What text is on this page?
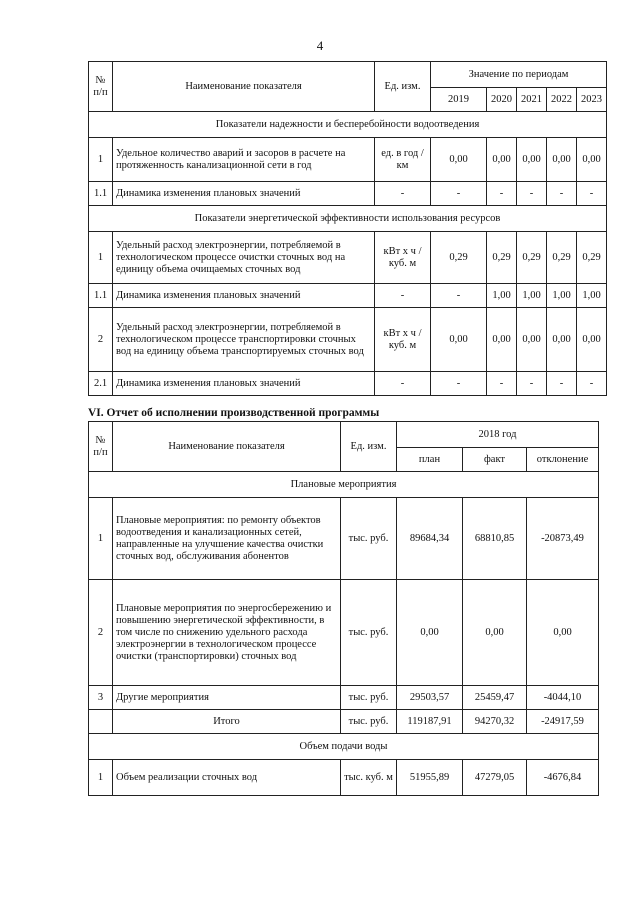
4
№ п/п	Наименование показателя	Ед. изм.	Значение по периодам				
			2019	2020	2021	2022	2023
Показатели надежности и бесперебойности водоотведения							
1	Удельное количество аварий и засоров в расчете на протяженность канализационной сети в год	ед. в год /км	0,00	0,00	0,00	0,00	0,00
1.1	Динамика изменения плановых значений	-	-	-	-	-	-
Показатели энергетической эффективности использования ресурсов							
1	Удельный расход электроэнергии, потребляемой в технологическом процессе очистки сточных вод на единицу объема очищаемых сточных вод	кВт х ч /куб. м	0,29	0,29	0,29	0,29	0,29
1.1	Динамика изменения плановых значений	-	-	1,00	1,00	1,00	1,00
2	Удельный расход электроэнергии, потребляемой в технологическом процессе транспортировки сточных вод на единицу объема транспортируемых сточных вод	кВт х ч /куб. м	0,00	0,00	0,00	0,00	0,00
2.1	Динамика изменения плановых значений	-	-	-	-	-	-
VI. Отчет об исполнении производственной программы
№ п/п	Наименование показателя	Ед. изм.	2018 год		
			план	факт	отклонение
Плановые мероприятия					
1	Плановые мероприятия: по ремонту объектов водоотведения и канализационных сетей, направленные на улучшение качества очистки сточных вод, обслуживания абонентов	тыс. руб.	89684,34	68810,85	-20873,49
2	Плановые мероприятия по энергосбережению и повышению энергетической эффективности, в том числе по снижению удельного расхода электроэнергии в технологическом процессе очистки (транспортировки) сточных вод	тыс. руб.	0,00	0,00	0,00
3	Другие мероприятия	тыс. руб.	29503,57	25459,47	-4044,10
	Итого	тыс. руб.	119187,91	94270,32	-24917,59
Объем подачи воды					
1	Объем реализации сточных вод	тыс. куб. м	51955,89	47279,05	-4676,84
